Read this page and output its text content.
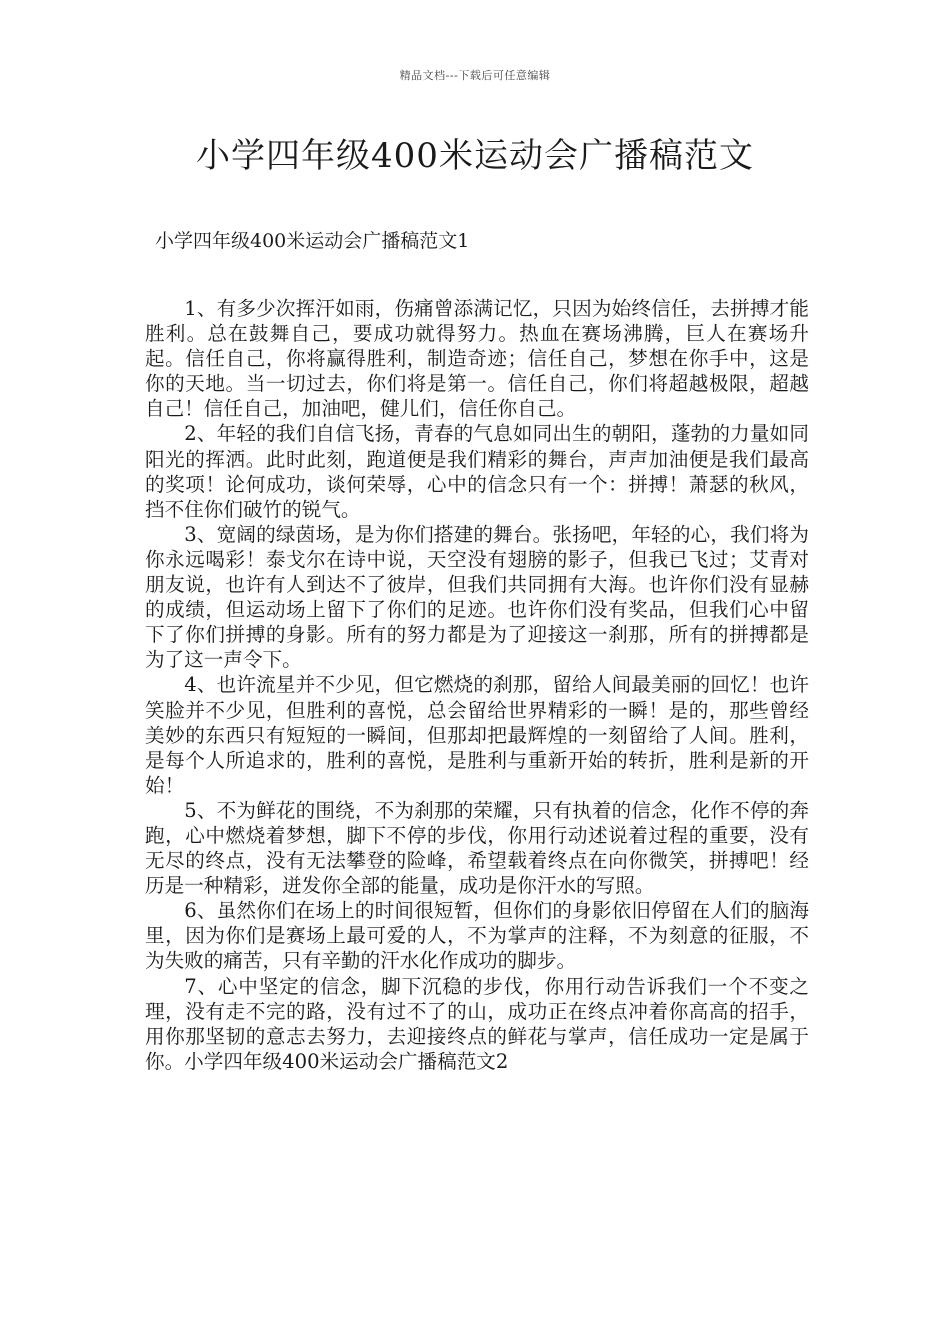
精品文档---下载后可任意编辑
小学四年级400米运动会广播稿范文
小学四年级400米运动会广播稿范文1

1、有多少次挥汗如雨，伤痛曾添满记忆，只因为始终信任，去拼搏才能胜利。总在鼓舞自己，要成功就得努力。热血在赛场沸腾，巨人在赛场升起。信任自己，你将赢得胜利，制造奇迹；信任自己，梦想在你手中，这是你的天地。当一切过去，你们将是第一。信任自己，你们将超越极限，超越自己！信任自己，加油吧，健儿们，信任你自己。

2、年轻的我们自信飞扬，青春的气息如同出生的朝阳，蓬勃的力量如同阳光的挥洒。此时此刻，跑道便是我们精彩的舞台，声声加油便是我们最高的奖项！论何成功，谈何荣辱，心中的信念只有一个：拼搏！萧瑟的秋风，挡不住你们破竹的锐气。

3、宽阔的绿茵场，是为你们搭建的舞台。张扬吧，年轻的心，我们将为你永远喝彩！泰戈尔在诗中说，天空没有翅膀的影子，但我已飞过；艾青对朋友说，也许有人到达不了彼岸，但我们共同拥有大海。也许你们没有显赫的成绩，但运动场上留下了你们的足迹。也许你们没有奖品，但我们心中留下了你们拼搏的身影。所有的努力都是为了迎接这一刹那，所有的拼搏都是为了这一声令下。

4、也许流星并不少见，但它燃烧的刹那，留给人间最美丽的回忆！也许笑脸并不少见，但胜利的喜悦，总会留给世界精彩的一瞬！是的，那些曾经美妙的东西只有短短的一瞬间，但那却把最辉煌的一刻留给了人间。胜利，是每个人所追求的，胜利的喜悦，是胜利与重新开始的转折，胜利是新的开始！

5、不为鲜花的围绕，不为刹那的荣耀，只有执着的信念，化作不停的奔跑，心中燃烧着梦想，脚下不停的步伐，你用行动述说着过程的重要，没有无尽的终点，没有无法攀登的险峰，希望载着终点在向你微笑，拼搏吧！经历是一种精彩，迸发你全部的能量，成功是你汗水的写照。

6、虽然你们在场上的时间很短暂，但你们的身影依旧停留在人们的脑海里，因为你们是赛场上最可爱的人，不为掌声的注释，不为刻意的征服，不为失败的痛苦，只有辛勤的汗水化作成功的脚步。

7、心中坚定的信念，脚下沉稳的步伐，你用行动告诉我们一个不变之理，没有走不完的路，没有过不了的山，成功正在终点冲着你高高的招手，用你那坚韧的意志去努力，去迎接终点的鲜花与掌声，信任成功一定是属于你。小学四年级400米运动会广播稿范文2
